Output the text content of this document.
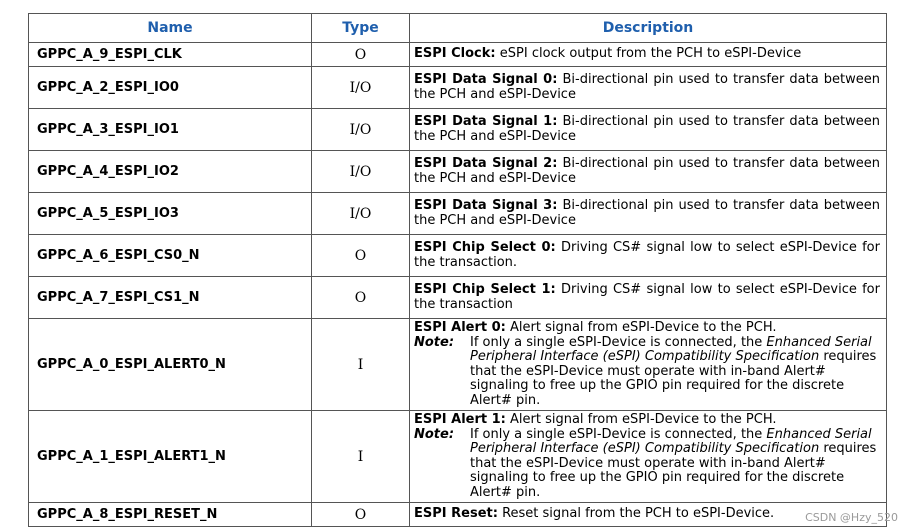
Name	Type	Description
GPPC_A_9_ESPI_CLK	O	ESPI Clock: eSPI clock output from the PCH to eSPI-Device
GPPC_A_2_ESPI_IO0	I/O	ESPI Data Signal 0: Bi-directional pin used to transfer data between the PCH and eSPI-Device
GPPC_A_3_ESPI_IO1	I/O	ESPI Data Signal 1: Bi-directional pin used to transfer data between the PCH and eSPI-Device
GPPC_A_4_ESPI_IO2	I/O	ESPI Data Signal 2: Bi-directional pin used to transfer data between the PCH and eSPI-Device
GPPC_A_5_ESPI_IO3	I/O	ESPI Data Signal 3: Bi-directional pin used to transfer data between the PCH and eSPI-Device
GPPC_A_6_ESPI_CS0_N	O	ESPI Chip Select 0: Driving CS# signal low to select eSPI-Device for the transaction.
GPPC_A_7_ESPI_CS1_N	O	ESPI Chip Select 1: Driving CS# signal low to select eSPI-Device for the transaction
GPPC_A_0_ESPI_ALERT0_N	I	ESPI Alert 0: Alert signal from eSPI-Device to the PCH.
Note: If only a single eSPI-Device is connected, the Enhanced Serial Peripheral Interface (eSPI) Compatibility Specification requires that the eSPI-Device must operate with in-band Alert# signaling to free up the GPIO pin required for the discrete Alert# pin.

GPPC_A_1_ESPI_ALERT1_N	I	ESPI Alert 1: Alert signal from eSPI-Device to the PCH.
Note: If only a single eSPI-Device is connected, the Enhanced Serial Peripheral Interface (eSPI) Compatibility Specification requires that the eSPI-Device must operate with in-band Alert# signaling to free up the GPIO pin required for the discrete Alert# pin.

GPPC_A_8_ESPI_RESET_N	O	ESPI Reset: Reset signal from the PCH to eSPI-Device.	CSDN @Hzy_520
